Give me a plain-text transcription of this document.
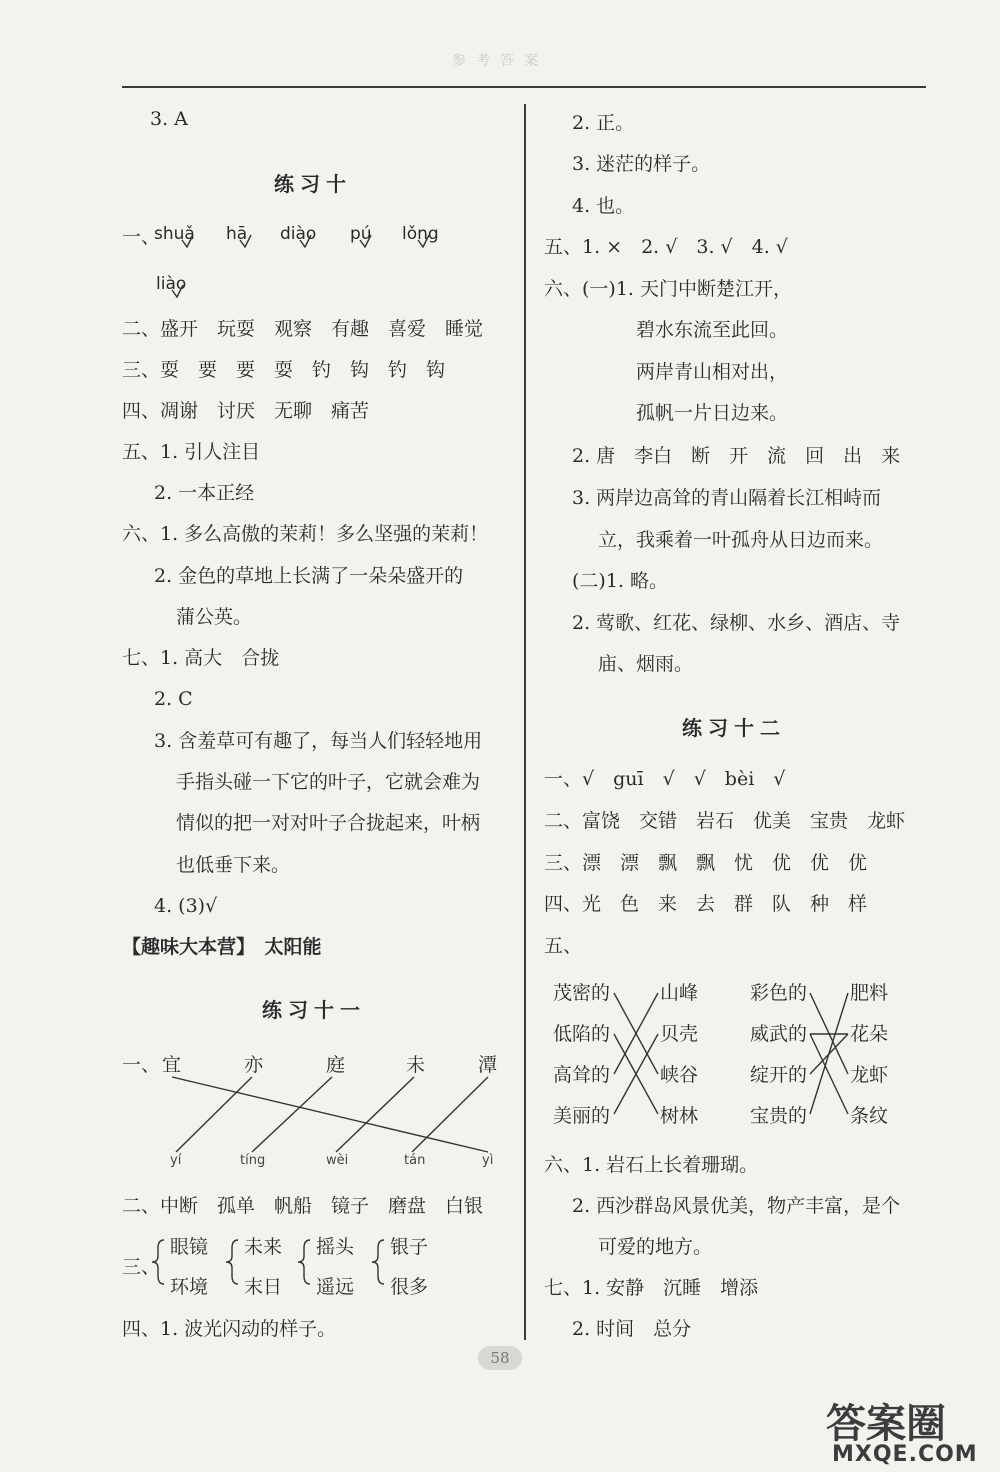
参考答案
3. A
练习十
一、
shuǎ hā diào pú lǒng
liào
二、盛开　玩耍　观察　有趣　喜爱　睡觉
三、耍　要　要　耍　钓　钩　钓　钩
四、凋谢　讨厌　无聊　痛苦
五、1. 引人注目
2. 一本正经
六、1. 多么高傲的茉莉！多么坚强的茉莉！
2. 金色的草地上长满了一朵朵盛开的
蒲公英。
七、1. 高大　合拢
2. C
3. 含羞草可有趣了，每当人们轻轻地用
手指头碰一下它的叶子，它就会难为
情似的把一对对叶子合拢起来，叶柄
也低垂下来。
4. (3)√
【趣味大本营】　太阳能
练习十一
一、 宜	亦	庭	未	潭
yí	tíng	wèi	tán	yì
二、中断　孤单　帆船　镜子　磨盘　白银
三、
眼镜
环境
未来
末日
摇头
遥远
银子
很多
四、1. 波光闪动的样子。
2. 正。
3. 迷茫的样子。
4. 也。
五、1. ×　2. √　3. √　4. √
六、(一)1. 天门中断楚江开，
碧水东流至此回。
两岸青山相对出，
孤帆一片日边来。
2. 唐　李白　断　开　流　回　出　来
3. 两岸边高耸的青山隔着长江相峙而
立，我乘着一叶孤舟从日边而来。
(二)1. 略。
2. 莺歌、红花、绿柳、水乡、酒店、寺
庙、烟雨。
练习十二
一、√　guī　√　√　bèi　√
二、富饶　交错　岩石　优美　宝贵　龙虾
三、漂　漂　飘　飘　忧　优　优　优
四、光　色　来　去　群　队　种　样
五、
茂密的
低陷的
高耸的
美丽的
山峰
贝壳
峡谷
树林
彩色的
威武的
绽开的
宝贵的
肥料
花朵
龙虾
条纹
六、1. 岩石上长着珊瑚。
2. 西沙群岛风景优美，物产丰富，是个
可爱的地方。
七、1. 安静　沉睡　增添
2. 时间　总分
58
答案圈
MXQE.COM
